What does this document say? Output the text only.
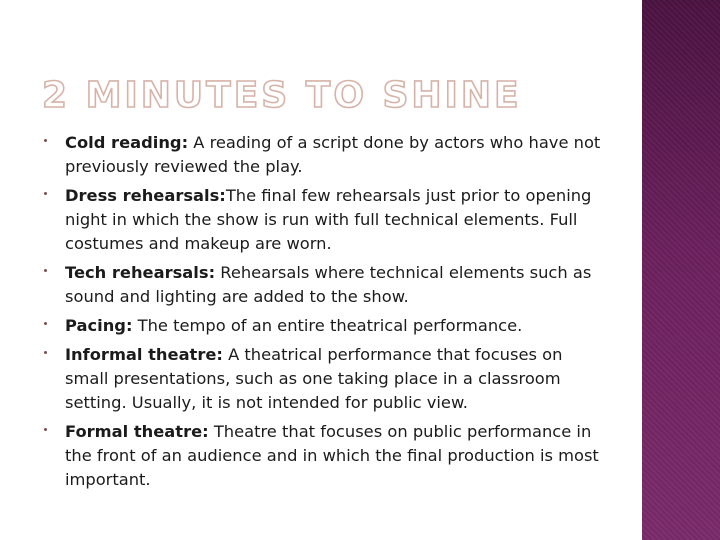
2 MINUTES TO SHINE
Cold reading: A reading of a script done by actors who have not previously reviewed the play.
Dress rehearsals:The final few rehearsals just prior to opening night in which the show is run with full technical elements. Full costumes and makeup are worn.
Tech rehearsals: Rehearsals where technical elements such as sound and lighting are added to the show.
Pacing: The tempo of an entire theatrical performance.
Informal theatre: A theatrical performance that focuses on small presentations, such as one taking place in a classroom setting. Usually, it is not intended for public view.
Formal theatre: Theatre that focuses on public performance in the front of an audience and in which the final production is most important.
